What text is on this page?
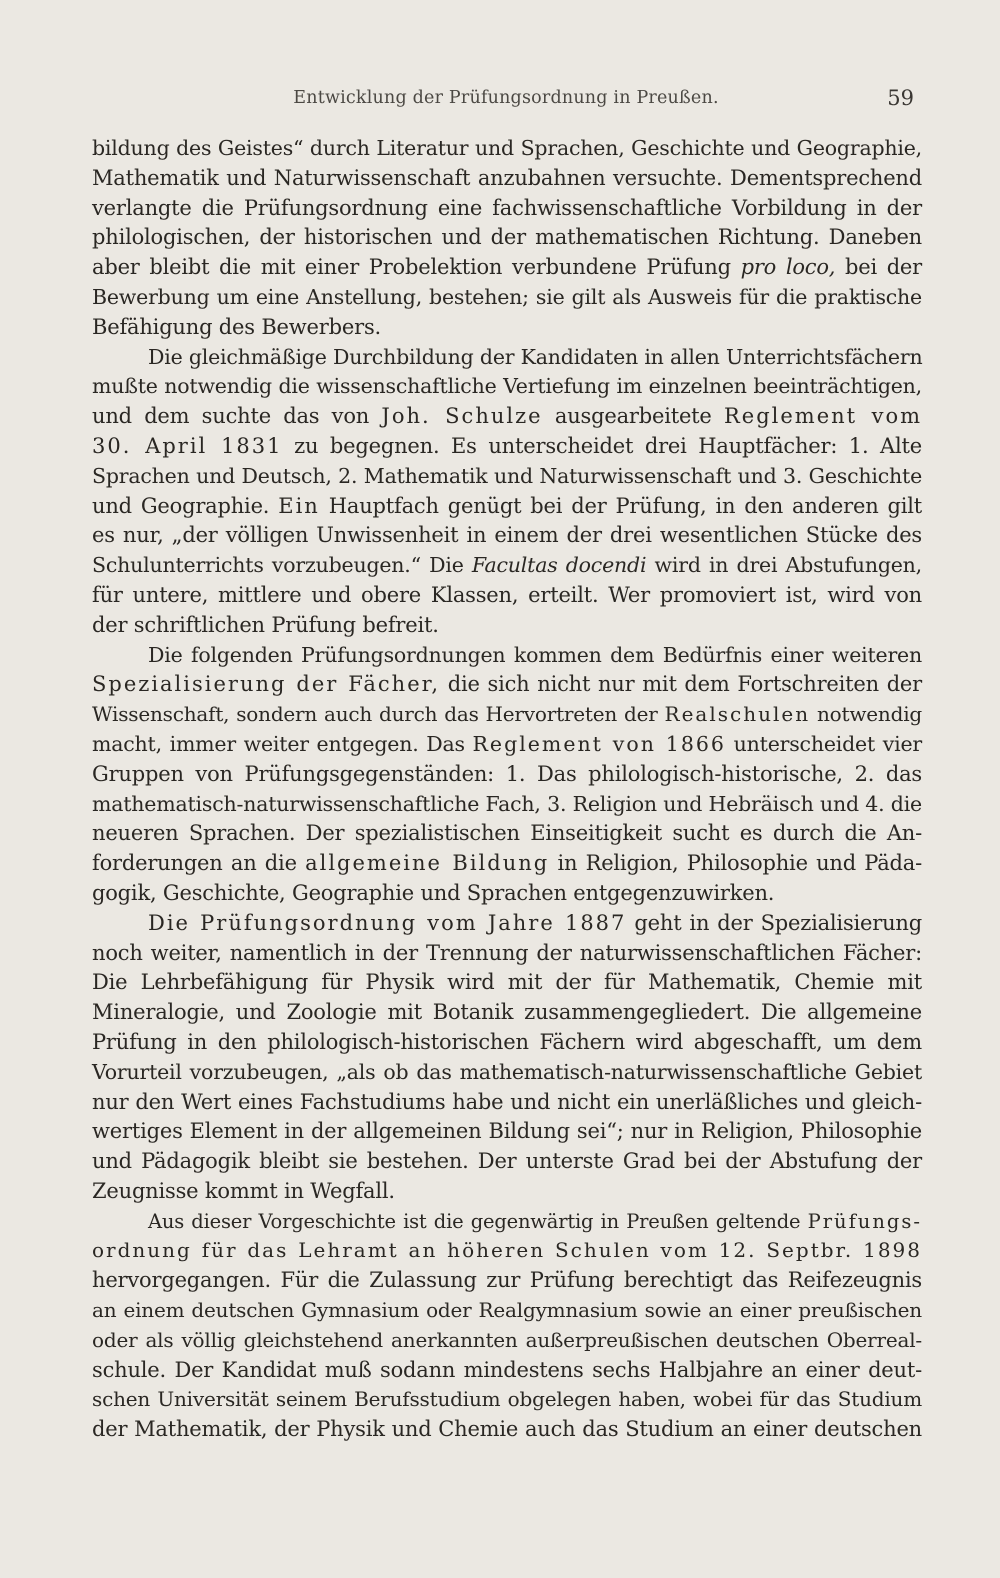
Entwicklung der Prüfungsordnung in Preußen.	59
bildung des Geistes“ durch Literatur und Sprachen, Geschichte und Geographie,
Mathematik und Naturwissenschaft anzubahnen versuchte. Dementsprechend
verlangte die Prüfungsordnung eine fachwissenschaftliche Vorbildung in der
philologischen, der historischen und der mathematischen Richtung. Daneben
aber bleibt die mit einer Probelektion verbundene Prüfung pro loco, bei der
Bewerbung um eine Anstellung, bestehen; sie gilt als Ausweis für die praktische
Befähigung des Bewerbers.
Die gleichmäßige Durchbildung der Kandidaten in allen Unterrichtsfächern
mußte notwendig die wissenschaftliche Vertiefung im einzelnen beeinträchtigen,
und dem suchte das von Joh. Schulze ausgearbeitete Reglement vom
30. April 1831 zu begegnen. Es unterscheidet drei Hauptfächer: 1. Alte
Sprachen und Deutsch, 2. Mathematik und Naturwissenschaft und 3. Geschichte
und Geographie. Ein Hauptfach genügt bei der Prüfung, in den anderen gilt
es nur, „der völligen Unwissenheit in einem der drei wesentlichen Stücke des
Schulunterrichts vorzubeugen.“ Die Facultas docendi wird in drei Abstufungen,
für untere, mittlere und obere Klassen, erteilt. Wer promoviert ist, wird von
der schriftlichen Prüfung befreit.
Die folgenden Prüfungsordnungen kommen dem Bedürfnis einer weiteren
Spezialisierung der Fächer, die sich nicht nur mit dem Fortschreiten der
Wissenschaft, sondern auch durch das Hervortreten der Realschulen notwendig
macht, immer weiter entgegen. Das Reglement von 1866 unterscheidet vier
Gruppen von Prüfungsgegenständen: 1. Das philologisch-historische, 2. das
mathematisch-naturwissenschaftliche Fach, 3. Religion und Hebräisch und 4. die
neueren Sprachen. Der spezialistischen Einseitigkeit sucht es durch die An-
forderungen an die allgemeine Bildung in Religion, Philosophie und Päda-
gogik, Geschichte, Geographie und Sprachen entgegenzuwirken.
Die Prüfungsordnung vom Jahre 1887 geht in der Spezialisierung
noch weiter, namentlich in der Trennung der naturwissenschaftlichen Fächer:
Die Lehrbefähigung für Physik wird mit der für Mathematik, Chemie mit
Mineralogie, und Zoologie mit Botanik zusammengegliedert. Die allgemeine
Prüfung in den philologisch-historischen Fächern wird abgeschafft, um dem
Vorurteil vorzubeugen, „als ob das mathematisch-naturwissenschaftliche Gebiet
nur den Wert eines Fachstudiums habe und nicht ein unerläßliches und gleich-
wertiges Element in der allgemeinen Bildung sei“; nur in Religion, Philosophie
und Pädagogik bleibt sie bestehen. Der unterste Grad bei der Abstufung der
Zeugnisse kommt in Wegfall.
Aus dieser Vorgeschichte ist die gegenwärtig in Preußen geltende Prüfungs-
ordnung für das Lehramt an höheren Schulen vom 12. Septbr. 1898
hervorgegangen. Für die Zulassung zur Prüfung berechtigt das Reifezeugnis
an einem deutschen Gymnasium oder Realgymnasium sowie an einer preußischen
oder als völlig gleichstehend anerkannten außerpreußischen deutschen Oberreal-
schule. Der Kandidat muß sodann mindestens sechs Halbjahre an einer deut-
schen Universität seinem Berufsstudium obgelegen haben, wobei für das Studium
der Mathematik, der Physik und Chemie auch das Studium an einer deutschen
